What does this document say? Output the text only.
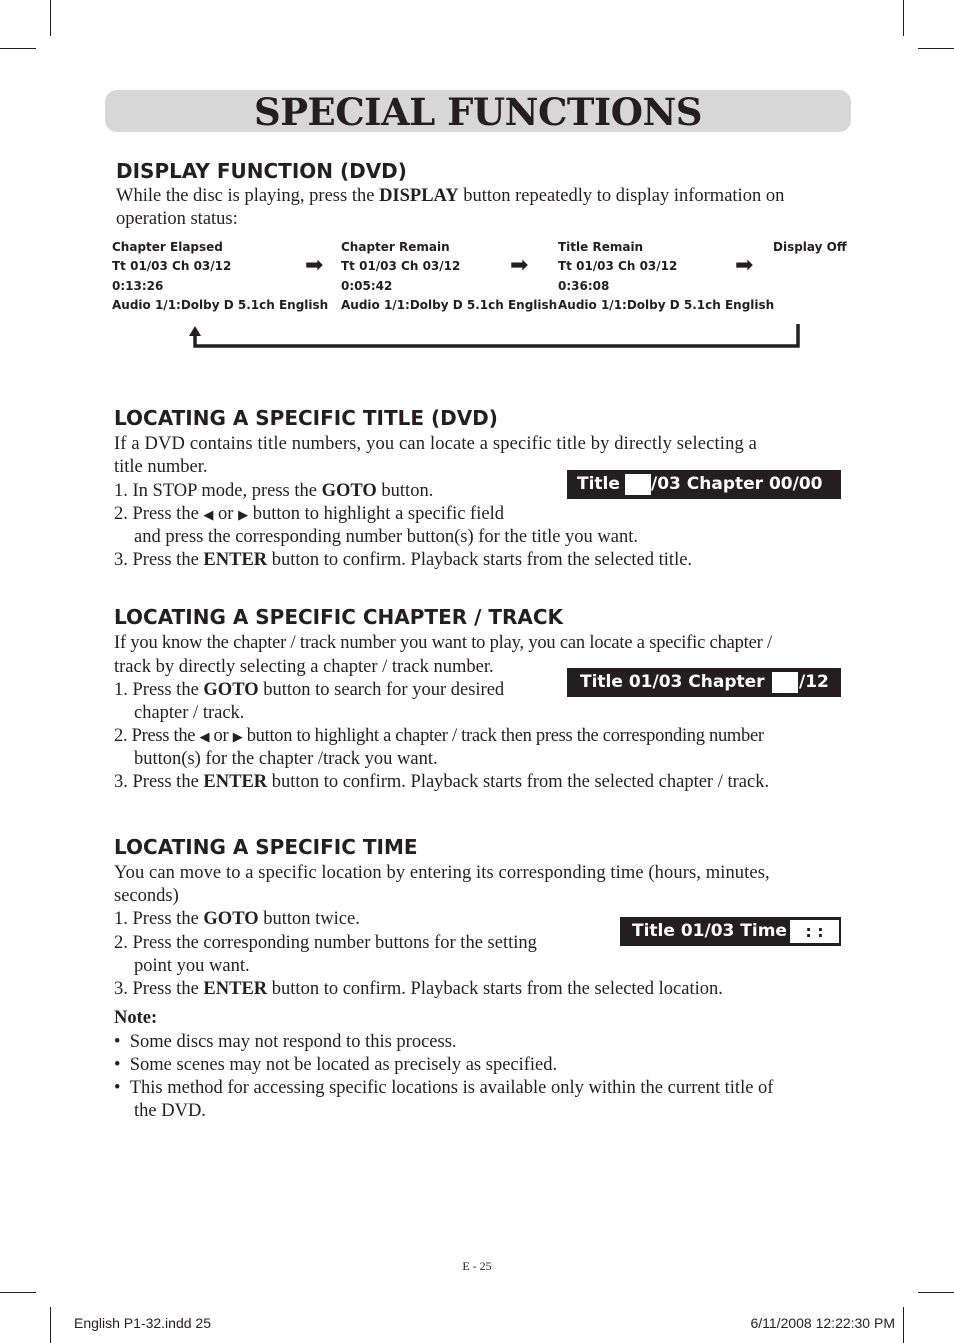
SPECIAL FUNCTIONS
DISPLAY FUNCTION (DVD)
While the disc is playing, press the DISPLAY button repeatedly to display information on
operation status:
Chapter Elapsed
Tt 01/03 Ch 03/12
0:13:26
Audio 1/1:Dolby D 5.1ch English
➡
Chapter Remain
Tt 01/03 Ch 03/12
0:05:42
Audio 1/1:Dolby D 5.1ch English
➡
Title Remain
Tt 01/03 Ch 03/12
0:36:08
Audio 1/1:Dolby D 5.1ch English
➡
Display Off
LOCATING A SPECIFIC TITLE (DVD)
If a DVD contains title numbers, you can locate a specific title by directly selecting a
title number.
1. In STOP mode, press the GOTO button.
2. Press the ◀ or ▶ button to highlight a specific field
and press the corresponding number button(s) for the title you want.
3. Press the ENTER button to confirm. Playback starts from the selected title.
Title /03 Chapter 00/00
LOCATING A SPECIFIC CHAPTER / TRACK
If you know the chapter / track number you want to play, you can locate a specific chapter /
track by directly selecting a chapter / track number.
1. Press the GOTO button to search for your desired
chapter / track.
2. Press the ◀ or ▶ button to highlight a chapter / track then press the corresponding number
button(s) for the chapter /track you want.
3. Press the ENTER button to confirm. Playback starts from the selected chapter / track.
Title 01/03 Chapter /12
LOCATING A SPECIFIC TIME
You can move to a specific location by entering its corresponding time (hours, minutes,
seconds)
1. Press the GOTO button twice.
2. Press the corresponding number buttons for the setting
point you want.
3. Press the ENTER button to confirm. Playback starts from the selected location.
Title 01/03 Time	: :
Note:
• Some discs may not respond to this process.
• Some scenes may not be located as precisely as specified.
• This method for accessing specific locations is available only within the current title of
the DVD.
E - 25
English P1-32.indd 25	6/11/2008 12:22:30 PM
